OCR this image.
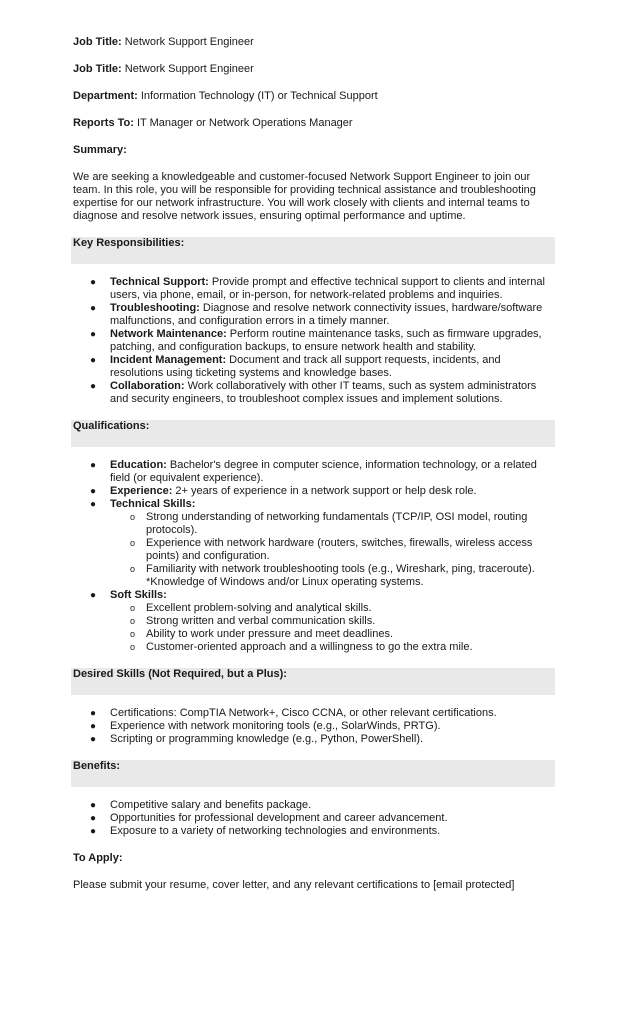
Job Title: Network Support Engineer
Job Title: Network Support Engineer
Department: Information Technology (IT) or Technical Support
Reports To: IT Manager or Network Operations Manager
Summary:
We are seeking a knowledgeable and customer-focused Network Support Engineer to join our team. In this role, you will be responsible for providing technical assistance and troubleshooting expertise for our network infrastructure. You will work closely with clients and internal teams to diagnose and resolve network issues, ensuring optimal performance and uptime.
Key Responsibilities:
● Technical Support: Provide prompt and effective technical support to clients and internal users, via phone, email, or in-person, for network-related problems and inquiries.
● Troubleshooting: Diagnose and resolve network connectivity issues, hardware/software malfunctions, and configuration errors in a timely manner.
● Network Maintenance: Perform routine maintenance tasks, such as firmware upgrades, patching, and configuration backups, to ensure network health and stability.
● Incident Management: Document and track all support requests, incidents, and resolutions using ticketing systems and knowledge bases.
● Collaboration: Work collaboratively with other IT teams, such as system administrators and security engineers, to troubleshoot complex issues and implement solutions.
Qualifications:
● Education: Bachelor's degree in computer science, information technology, or a related field (or equivalent experience).
● Experience: 2+ years of experience in a network support or help desk role.
● Technical Skills:
o Strong understanding of networking fundamentals (TCP/IP, OSI model, routing protocols).
o Experience with network hardware (routers, switches, firewalls, wireless access points) and configuration.
o Familiarity with network troubleshooting tools (e.g., Wireshark, ping, traceroute). *Knowledge of Windows and/or Linux operating systems.
● Soft Skills:
o Excellent problem-solving and analytical skills.
o Strong written and verbal communication skills.
o Ability to work under pressure and meet deadlines.
o Customer-oriented approach and a willingness to go the extra mile.
Desired Skills (Not Required, but a Plus):
● Certifications: CompTIA Network+, Cisco CCNA, or other relevant certifications.
● Experience with network monitoring tools (e.g., SolarWinds, PRTG).
● Scripting or programming knowledge (e.g., Python, PowerShell).
Benefits:
● Competitive salary and benefits package.
● Opportunities for professional development and career advancement.
● Exposure to a variety of networking technologies and environments.
To Apply:
Please submit your resume, cover letter, and any relevant certifications to [email protected]
